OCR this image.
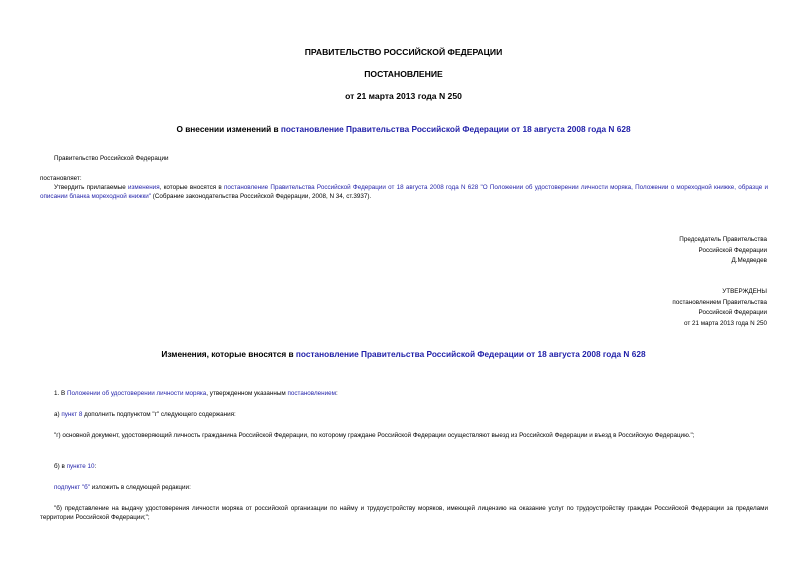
ПРАВИТЕЛЬСТВО РОССИЙСКОЙ ФЕДЕРАЦИИ
ПОСТАНОВЛЕНИЕ
от 21 марта 2013 года N 250
О внесении изменений в постановление Правительства Российской Федерации от 18 августа 2008 года N 628
Правительство Российской Федерации
постановляет:
Утвердить прилагаемые изменения, которые вносятся в постановление Правительства Российской Федерации от 18 августа 2008 года N 628 "О Положении об удостоверении личности моряка, Положении о мореходной книжке, образце и описании бланка мореходной книжки" (Собрание законодательства Российской Федерации, 2008, N 34, ст.3937).
Председатель Правительства
Российской Федерации
Д.Медведев
УТВЕРЖДЕНЫ
постановлением Правительства
Российской Федерации
от 21 марта 2013 года N 250
Изменения, которые вносятся в постановление Правительства Российской Федерации от 18 августа 2008 года N 628
1. В Положении об удостоверении личности моряка, утвержденном указанным постановлением:
а) пункт 8 дополнить подпунктом "г" следующего содержания:
"г) основной документ, удостоверяющий личность гражданина Российской Федерации, по которому граждане Российской Федерации осуществляют выезд из Российской Федерации и въезд в Российскую Федерацию.";
б) в пункте 10:
подпункт "б" изложить в следующей редакции:
"б) представление на выдачу удостоверения личности моряка от российской организации по найму и трудоустройству моряков, имеющей лицензию на оказание услуг по трудоустройству граждан Российской Федерации за пределами территории Российской Федерации;";
